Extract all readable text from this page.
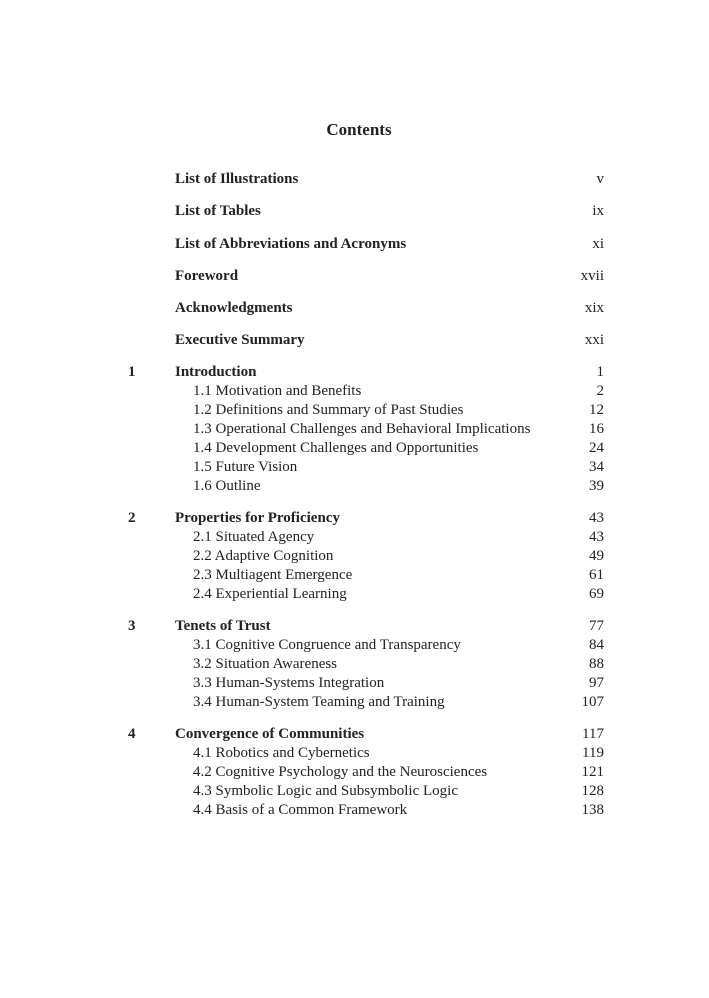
Contents
List of Illustrations	v
List of Tables	ix
List of Abbreviations and Acronyms	xi
Foreword	xvii
Acknowledgments	xix
Executive Summary	xxi
1	Introduction	1
1.1 Motivation and Benefits	2
1.2 Definitions and Summary of Past Studies	12
1.3 Operational Challenges and Behavioral Implications	16
1.4 Development Challenges and Opportunities	24
1.5 Future Vision	34
1.6 Outline	39
2	Properties for Proficiency	43
2.1 Situated Agency	43
2.2 Adaptive Cognition	49
2.3 Multiagent Emergence	61
2.4 Experiential Learning	69
3	Tenets of Trust	77
3.1 Cognitive Congruence and Transparency	84
3.2 Situation Awareness	88
3.3 Human-Systems Integration	97
3.4 Human-System Teaming and Training	107
4	Convergence of Communities	117
4.1 Robotics and Cybernetics	119
4.2 Cognitive Psychology and the Neurosciences	121
4.3 Symbolic Logic and Subsymbolic Logic	128
4.4 Basis of a Common Framework	138
